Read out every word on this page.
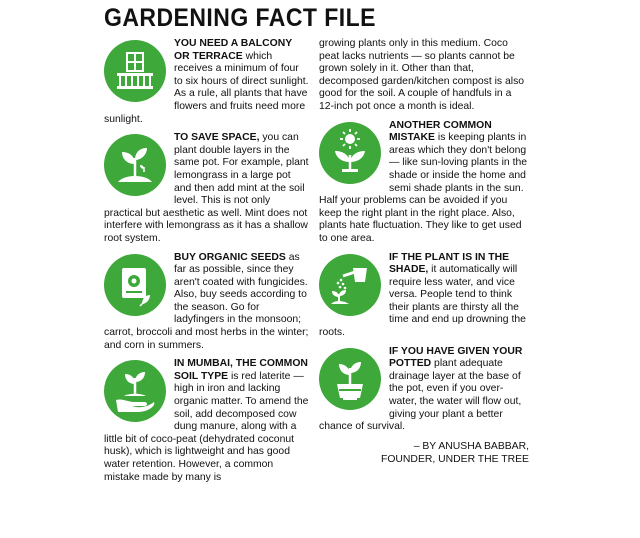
GARDENING FACT FILE
YOU NEED A BALCONY OR TERRACE which receives a minimum of four to six hours of direct sunlight. As a rule, all plants that have flowers and fruits need more sunlight.
TO SAVE SPACE, you can plant double layers in the same pot. For example, plant lemongrass in a large pot and then add mint at the soil level. This is not only practical but aesthetic as well. Mint does not interfere with lemongrass as it has a shallow root system.
BUY ORGANIC SEEDS as far as possible, since they aren't coated with fungicides. Also, buy seeds according to the season. Go for ladyfingers in the monsoon; carrot, broccoli and most herbs in the winter; and corn in summers.
IN MUMBAI, THE COMMON SOIL TYPE is red laterite — high in iron and lacking organic matter. To amend the soil, add decomposed cow dung manure, along with a little bit of coco-peat (dehydrated coconut husk), which is lightweight and has good water retention. However, a common mistake made by many is
growing plants only in this medium. Coco peat lacks nutrients — so plants cannot be grown solely in it. Other than that, decomposed garden/kitchen compost is also good for the soil. A couple of handfuls in a 12-inch pot once a month is ideal.
ANOTHER COMMON MISTAKE is keeping plants in areas which they don't belong — like sun-loving plants in the shade or inside the home and semi shade plants in the sun. Half your problems can be avoided if you keep the right plant in the right place. Also, plants hate fluctuation. They like to get used to one area.
IF THE PLANT IS IN THE SHADE, it automatically will require less water, and vice versa. People tend to think their plants are thirsty all the time and end up drowning the roots.
IF YOU HAVE GIVEN YOUR POTTED plant adequate drainage layer at the base of the pot, even if you over-water, the water will flow out, giving your plant a better chance of survival.
– BY ANUSHA BABBAR,
FOUNDER, UNDER THE TREE
